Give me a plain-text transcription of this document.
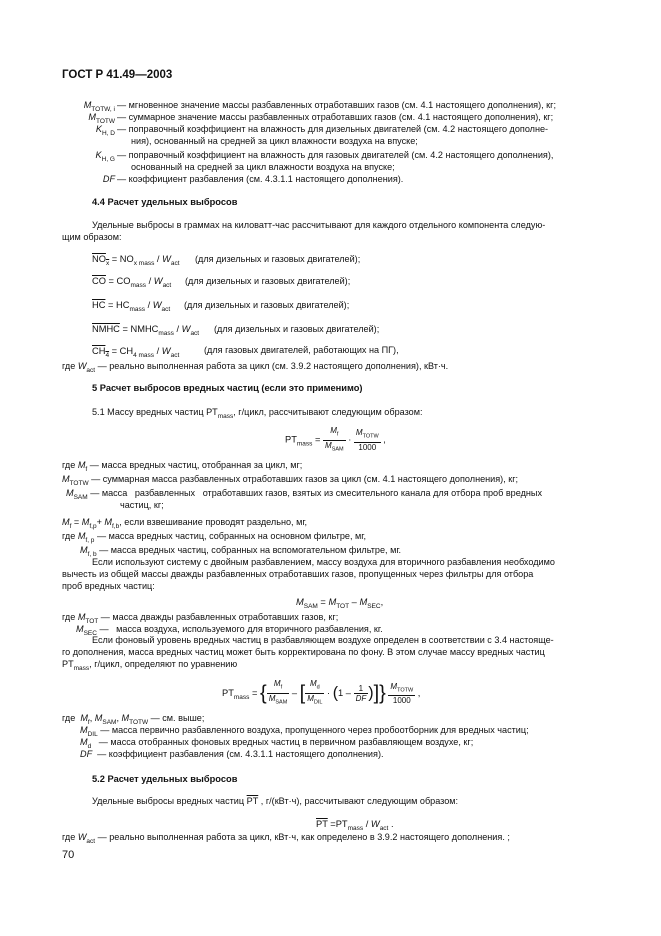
ГОСТ Р 41.49—2003
$M_{TOTW, i}$ — мгновенное значение массы разбавленных отработавших газов (см. 4.1 настоящего дополнения), кг;
$M_{TOTW}$ — суммарное значение массы разбавленных отработавших газов (см. 4.1 настоящего дополнения), кг;
$K_{H, D}$ — поправочный коэффициент на влажность для дизельных двигателей (см. 4.2 настоящего дополне-
ния), основанный на средней за цикл влажности воздуха на впуске;
$K_{H, G}$ — поправочный коэффициент на влажность для газовых двигателей (см. 4.2 настоящего дополнения),
основанный на средней за цикл влажности воздуха на впуске;
DF — коэффициент разбавления (см. 4.3.1.1 настоящего дополнения).
4.4 Расчет удельных выбросов
Удельные выбросы в граммах на киловатт-час рассчитывают для каждого отдельного компонента следую-
щим образом:
$NO_x = NO_{x mass} / W_{act}$ (для дизельных и газовых двигателей);
$\overline{CO} = CO_{mass} / W_{act}$ (для дизельных и газовых двигателей);
$\overline{HC} = HC_{mass} / W_{act}$ (для дизельных и газовых двигателей);
NMHC = $NMHC_{mass} / W_{act}$ (для дизельных и газовых двигателей);
$CH_4 = CH_{4 mass} / W_{act}$
(для газовых двигателей, работающих на ПГ),
где $W_{act}$ — реально выполненная работа за цикл (см. 3.9.2 настоящего дополнения), кВт·ч.
5 Расчет выбросов вредных частиц (если это применимо)
5.1 Массу вредных частиц $PT_{mass}$, г/цикл, рассчитывают следующим образом:
$PT_{mass} = \frac{M_f}{M_{SAM}} \cdot \frac{M_{TOTW}}{1000}$ ,
где $M_f$ — масса вредных частиц, отобранная за цикл, мг;
$M_{TOTW}$ — суммарная масса разбавленных отработавших газов за цикл (см. 4.1 настоящего дополнения), кг;
$M_{SAM}$ — масса   разбавленных   отработавших газов, взятых из смесительного канала для отбора проб вредных
частиц, кг;
$M_f = M_{f,p}+ M_{f,b}$, если взвешивание проводят раздельно, мг,
где $M_{f, p}$ — масса вредных частиц, собранных на основном фильтре, мг,
$M_{f, b}$ — масса вредных частиц, собранных на вспомогательном фильтре, мг.
Если используют систему с двойным разбавлением, массу воздуха для вторичного разбавления необходимо
вычесть из общей массы дважды разбавленных отработавших газов, пропущенных через фильтры для отбора
проб вредных частиц:
$M_{SAM} = M_{TOT} - M_{SEC}$,
где $M_{TOT}$ — масса дважды разбавленных отработавших газов, кг;
$M_{SEC}$ —   масса воздуха, используемого для вторичного разбавления, кг.
Если фоновый уровень вредных частиц в разбавляющем воздухе определен в соответствии с 3.4 настояще-
го дополнения, масса вредных частиц может быть корректирована по фону. В этом случае массу вредных частиц
$PT_{mass}$, г/цикл, определяют по уравнению
$PT_{mass}$ = { $\frac{M_f}{M_{SAM}}$ – [ $\frac{M_d}{M_{DIL}} \cdot (1 - \frac{1}{DF}$ )]} $\frac{M_{TOTW}}{1000}$ ,
где  $M_f$, $M_{SAM}$, $M_{TOTW}$ — см. выше;
$M_{DIL}$ — масса первично разбавленного воздуха, пропущенного через пробоотборник для вредных частиц;
$M_d$   — масса отобранных фоновых вредных частиц в первичном разбавляющем воздухе, кг;
DF  — коэффициент разбавления (см. 4.3.1.1 настоящего дополнения).
5.2 Расчет удельных выбросов
Удельные выбросы вредных частиц $\overline{PT}$ , г/(кВт·ч), рассчитывают следующим образом:
$\overline{PT} =PT_{mass} / W_{act}$ .
где $W_{act}$ — реально выполненная работа за цикл, кВт·ч, как определено в 3.9.2 настоящего дополнения. ;
70
